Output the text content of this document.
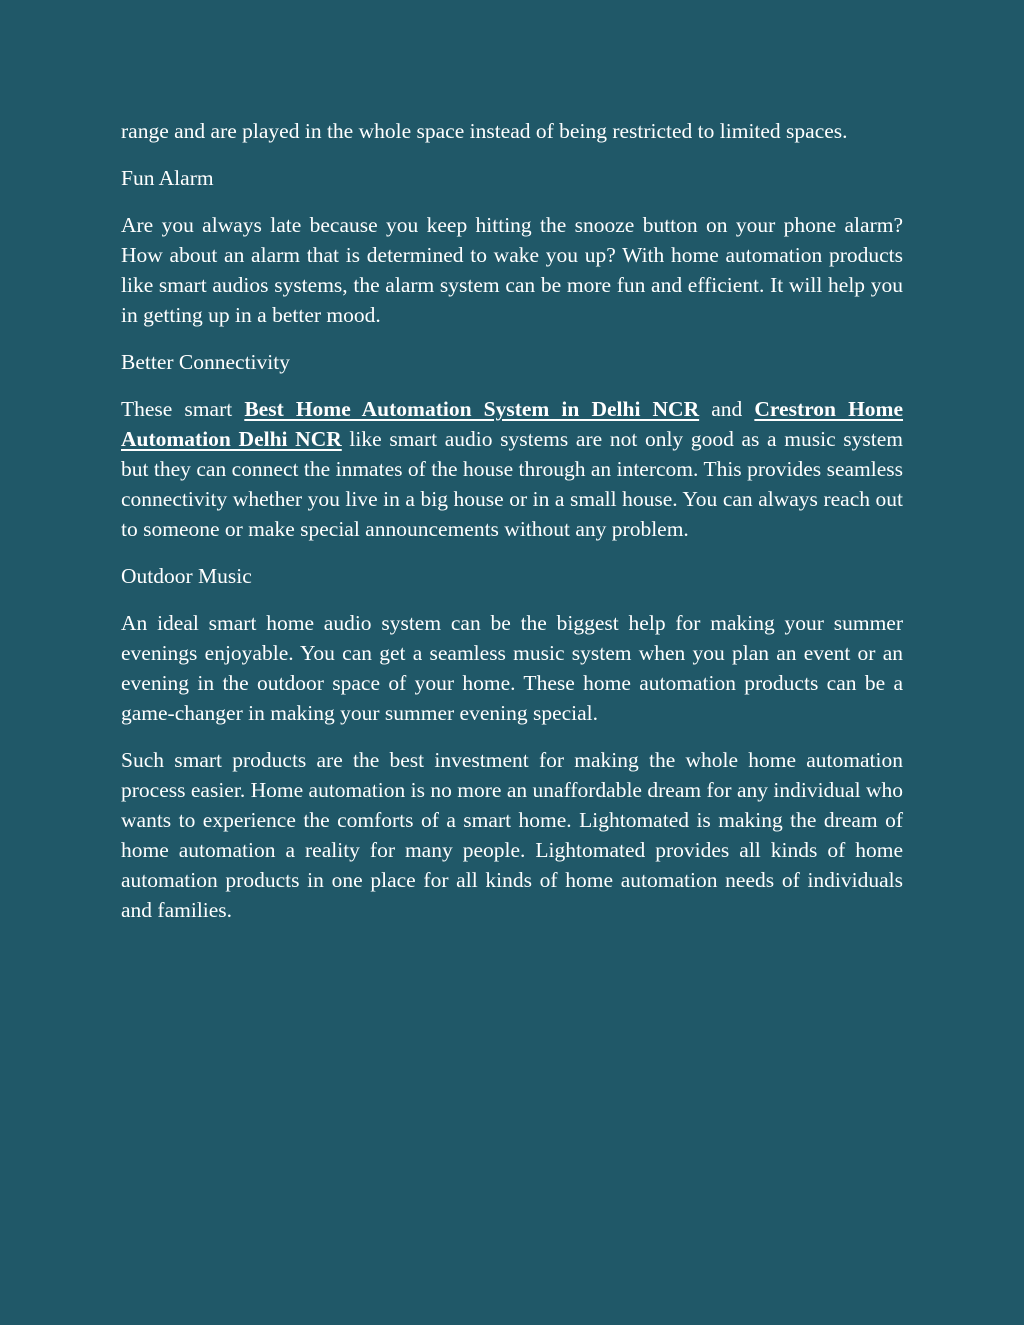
range and are played in the whole space instead of being restricted to limited spaces.

Fun Alarm

Are you always late because you keep hitting the snooze button on your phone alarm? How about an alarm that is determined to wake you up? With home automation products like smart audios systems, the alarm system can be more fun and efficient. It will help you in getting up in a better mood.

Better Connectivity

These smart Best Home Automation System in Delhi NCR and Crestron Home Automation Delhi NCR like smart audio systems are not only good as a music system but they can connect the inmates of the house through an intercom. This provides seamless connectivity whether you live in a big house or in a small house. You can always reach out to someone or make special announcements without any problem.

Outdoor Music

An ideal smart home audio system can be the biggest help for making your summer evenings enjoyable. You can get a seamless music system when you plan an event or an evening in the outdoor space of your home. These home automation products can be a game-changer in making your summer evening special.

Such smart products are the best investment for making the whole home automation process easier. Home automation is no more an unaffordable dream for any individual who wants to experience the comforts of a smart home. Lightomated is making the dream of home automation a reality for many people. Lightomated provides all kinds of home automation products in one place for all kinds of home automation needs of individuals and families.
